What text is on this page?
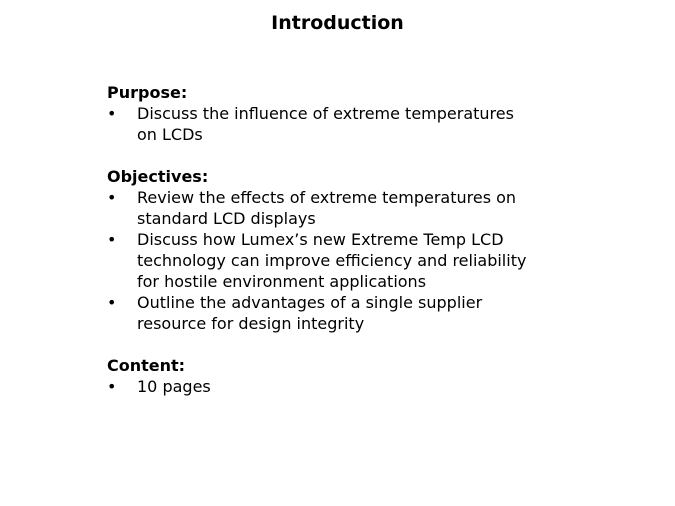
Introduction
Purpose:
• Discuss the influence of extreme temperatures
on LCDs
Objectives:
• Review the effects of extreme temperatures on
standard LCD displays
• Discuss how Lumex’s new Extreme Temp LCD
technology can improve efficiency and reliability
for hostile environment applications
• Outline the advantages of a single supplier
resource for design integrity
Content:
• 10 pages
